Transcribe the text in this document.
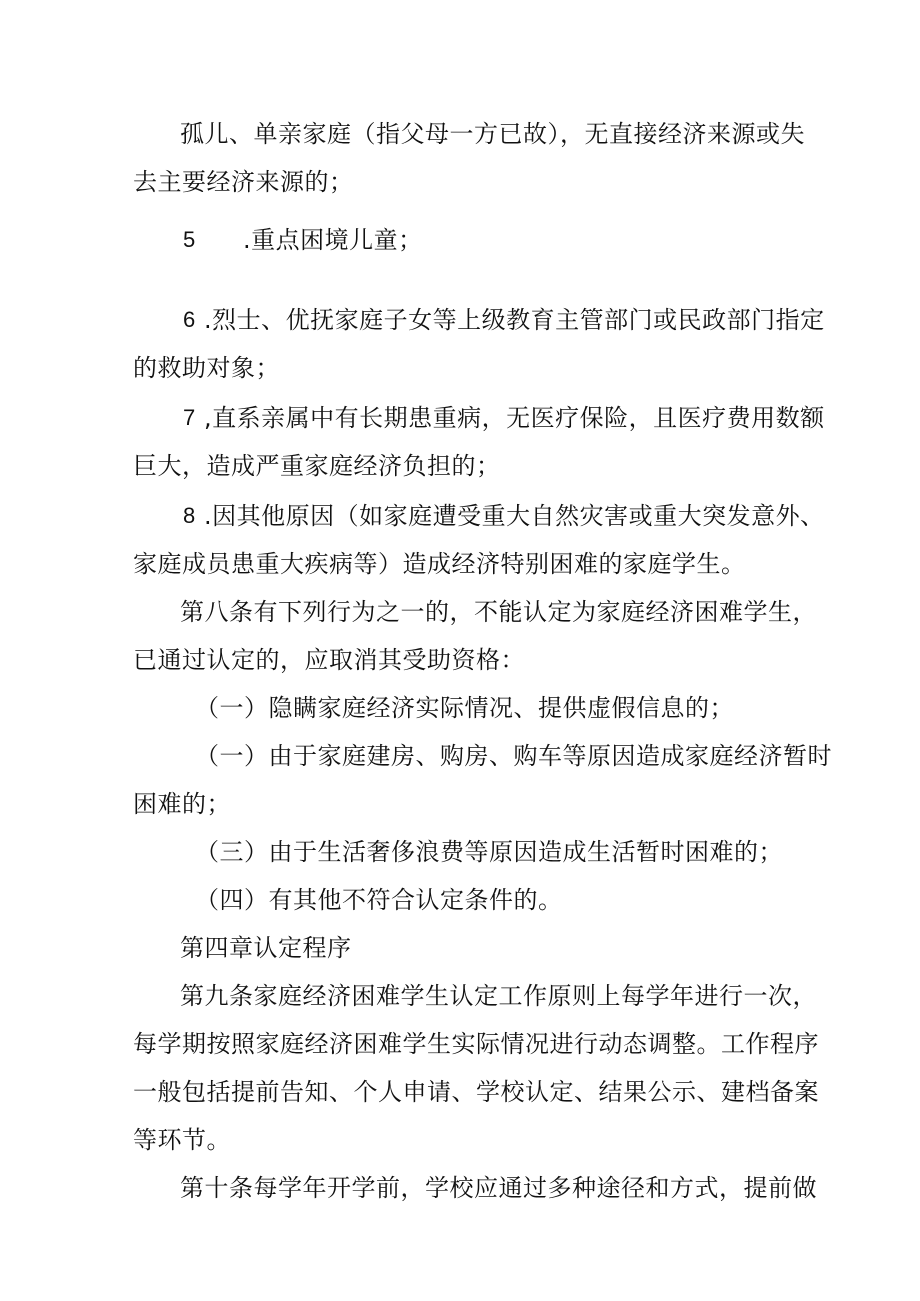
孤儿、单亲家庭（指父母一方已故），无直接经济来源或失
去主要经济来源的；
5 .重点困境儿童；
6 .烈士、优抚家庭子女等上级教育主管部门或民政部门指定
的救助对象；
7 ,直系亲属中有长期患重病，无医疗保险，且医疗费用数额
巨大，造成严重家庭经济负担的；
8 .因其他原因（如家庭遭受重大自然灾害或重大突发意外、
家庭成员患重大疾病等）造成经济特别困难的家庭学生。
第八条有下列行为之一的，不能认定为家庭经济困难学生，
已通过认定的，应取消其受助资格：
（一）隐瞒家庭经济实际情况、提供虚假信息的；
（一）由于家庭建房、购房、购车等原因造成家庭经济暂时
困难的；
（三）由于生活奢侈浪费等原因造成生活暂时困难的；
（四）有其他不符合认定条件的。
第四章认定程序
第九条家庭经济困难学生认定工作原则上每学年进行一次，
每学期按照家庭经济困难学生实际情况进行动态调整。工作程序
一般包括提前告知、个人申请、学校认定、结果公示、建档备案
等环节。
第十条每学年开学前，学校应通过多种途径和方式，提前做
